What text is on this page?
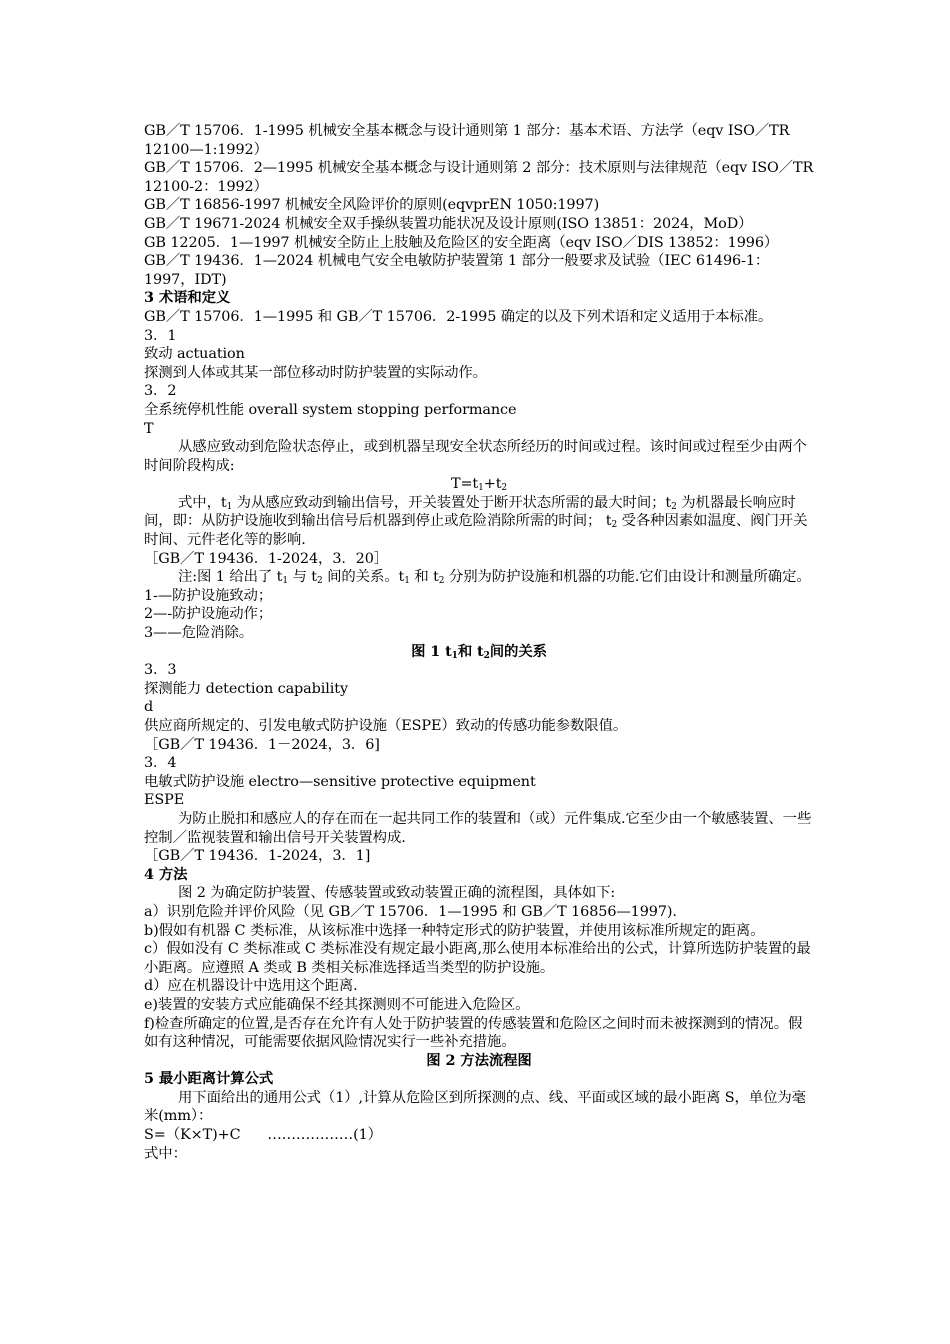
GB／T 15706．1-1995 机械安全基本概念与设计通则第 1 部分：基本术语、方法学（eqv ISO／TR 12100—1:1992）

GB／T 15706．2—1995 机械安全基本概念与设计通则第 2 部分：技术原则与法律规范（eqv ISO／TR 12100-2：1992）

GB／T 16856-1997 机械安全风险评价的原则(eqvprEN 1050:1997)

GB／T 19671-2024 机械安全双手操纵装置功能状况及设计原则(ISO 13851：2024，MoD）

GB 12205．1—1997 机械安全防止上肢触及危险区的安全距离（eqv ISO／DIS 13852：1996）

GB／T 19436．1—2024 机械电气安全电敏防护装置第 1 部分一般要求及试验（IEC 61496-1：1997，IDT)

3 术语和定义

GB／T 15706．1—1995 和 GB／T 15706．2-1995 确定的以及下列术语和定义适用于本标准。

3．1

致动 actuation

探测到人体或其某一部位移动时防护装置的实际动作。

3．2

全系统停机性能 overall system stopping performance

T

从感应致动到危险状态停止，或到机器呈现安全状态所经历的时间或过程。该时间或过程至少由两个时间阶段构成:

$T=t_1+t_2$

式中，$t_1$ 为从感应致动到输出信号，开关装置处于断开状态所需的最大时间；$t_2$ 为机器最长响应时间，即：从防护设施收到输出信号后机器到停止或危险消除所需的时间； $t_2$ 受各种因素如温度、阀门开关时间、元件老化等的影响.

［GB／T 19436．1-2024，3．20］

注:图 1 给出了 $t_1$ 与 $t_2$ 间的关系。$t_1$ 和 $t_2$ 分别为防护设施和机器的功能.它们由设计和测量所确定。

1-—防护设施致动；

2—-防护设施动作；

3——危险消除。

图 1 $t_1$和 $t_2$间的关系

3．3

探测能力 detection capability

d

供应商所规定的、引发电敏式防护设施（ESPE）致动的传感功能参数限值。

［GB／T 19436．1－2024，3．6]

3．4

电敏式防护设施 electro—sensitive protective equipment

ESPE

为防止脱扣和感应人的存在而在一起共同工作的装置和（或）元件集成.它至少由一个敏感装置、一些控制／监视装置和输出信号开关装置构成.

［GB／T 19436．1-2024，3．1]

4 方法

图 2 为确定防护装置、传感装置或致动装置正确的流程图，具体如下:

a）识别危险并评价风险（见 GB／T 15706．1—1995 和 GB／T 16856—1997).

b)假如有机器 C 类标准，从该标准中选择一种特定形式的防护装置，并使用该标准所规定的距离。

c）假如没有 C 类标准或 C 类标准没有规定最小距离,那么使用本标准给出的公式，计算所选防护装置的最小距离。应遵照 A 类或 B 类相关标准选择适当类型的防护设施。

d）应在机器设计中选用这个距离.

e)装置的安装方式应能确保不经其探测则不可能进入危险区。

f)检查所确定的位置,是否存在允许有人处于防护装置的传感装置和危险区之间时而未被探测到的情况。假如有这种情况，可能需要依据风险情况实行一些补充措施。

图 2 方法流程图

5 最小距离计算公式

用下面给出的通用公式（1）,计算从危险区到所探测的点、线、平面或区域的最小距离 S，单位为毫米(mm）：

S=（K×T)+C      ………………(1）

式中：
